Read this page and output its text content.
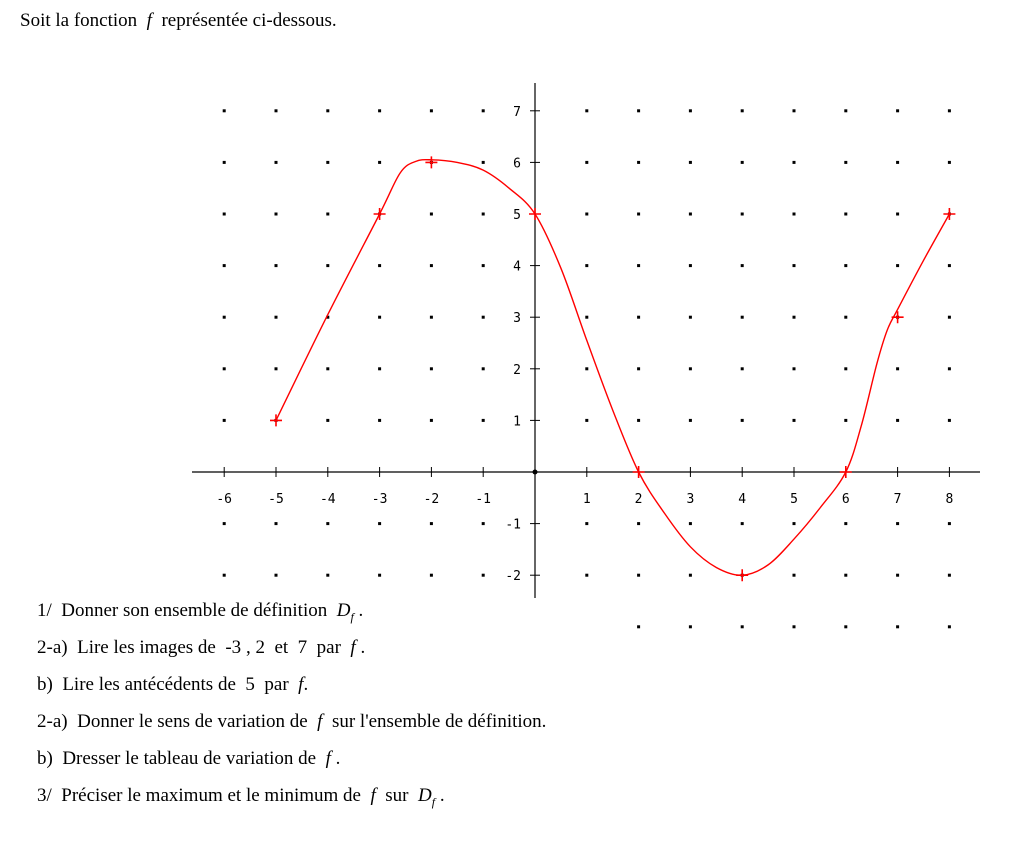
Soit la fonction f représentée ci-dessous.
-6	-5	-4	-3	-2	-1	1	2	3	4	5	6	7	8
7
6
5
4
3
2
1
-1
-2
1/ Donner son ensemble de définition $D_f$ .
2-a) Lire les images de -3 , 2 et 7 par f .
b) Lire les antécédents de 5 par f.
2-a) Donner le sens de variation de f sur l'ensemble de définition.
b) Dresser le tableau de variation de f .
3/ Préciser le maximum et le minimum de f sur $D_f$ .
